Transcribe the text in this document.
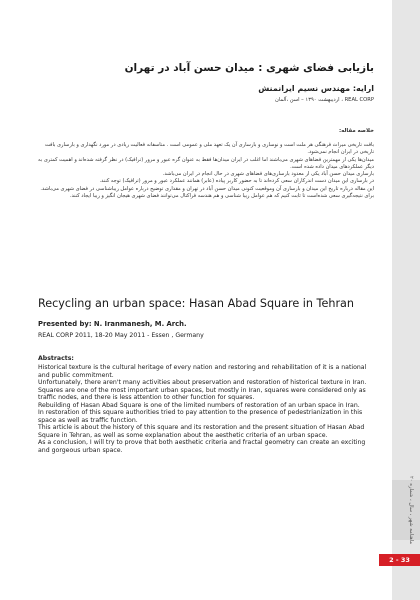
بازیابی فضای شهری : میدان حسن آباد در تهران
ارایه: مهندس نسیم ایرانمنش
REAL CORP ، اردیبهشت ۱۳۹۰ – اسن ،آلمان
خلاصه مقاله:

بافت تاریخی میراث فرهنگی هر ملت است و نوسازی و بازسازی آن یک تعهد ملی و عمومی است . متاسفانه فعالیت زیادی در مورد نگهداری و بازسازی بافت تاریخی در ایران انجام نمی‌شود.

میدان‌ها یکی از مهمترین فضاهای شهری می‌باشند اما اغلب در ایران میدان‌ها فقط به عنوان گره عبور و مرور (ترافیک) در نظر گرفته شده‌اند و اهمیت کمتری به دیگر عملکردهای میدان داده شده است.

بازسازی میدان حسن آباد یکی از معدود بازسازی‌های فضاهای شهری در حال انجام در ایران می‌باشد.

در بازسازی این میدان دست اندرکاران سعی کرده‌اند تا به حضور کاربر پیاده (عابر) همانند عملکرد عبور و مرور (ترافیک) توجه کنند.

این مقاله درباره تاریخ این میدان و بازسازی آن وموقعیت کنونی میدان حسن آباد در تهران و مقداری توضیح درباره عوامل زیباشناسی در فضای شهری می‌باشد.

برای نتیجه‌گیری سعی شده‌است تا ثابت کنیم که هم عوامل زیبا شناسی و هم هندسه فراکتال می‌توانند فضای شهری هیجان انگیز و زیبا ایجاد کنند.

Recycling an urban space: Hasan Abad Square in Tehran
Presented by: N. Iranmanesh, M. Arch.
REAL CORP 2011, 18-20 May 2011 - Essen , Germany
Abstracts:

Historical texture is the cultural heritage of every nation and restoring and rehabilitation of it is a national and public commitment.

Unfortunately, there aren't many activities about preservation and restoration of historical texture in Iran.

Squares are one of the most important urban spaces, but mostly in Iran, squares were considered only as traffic nodes, and there is less attention to other function for squares.

Rebuilding of Hasan Abad Square is one of the limited numbers of restoration of an urban space in Iran.

In restoration of this square authorities tried to pay attention to the presence of pedestrianization in this space as well as traffic function.

This article is about the history of this square and its restoration and the present situation of Hasan Abad Square in Tehran, as well as some explanation about the aesthetic criteria of an urban space.

As a conclusion, I will try to prove that both aesthetic criteria and fractal geometry can create an exciting and gorgeous urban space.

ماهنامه شهر ، سال ، شماره ۲۰
2 - 33
